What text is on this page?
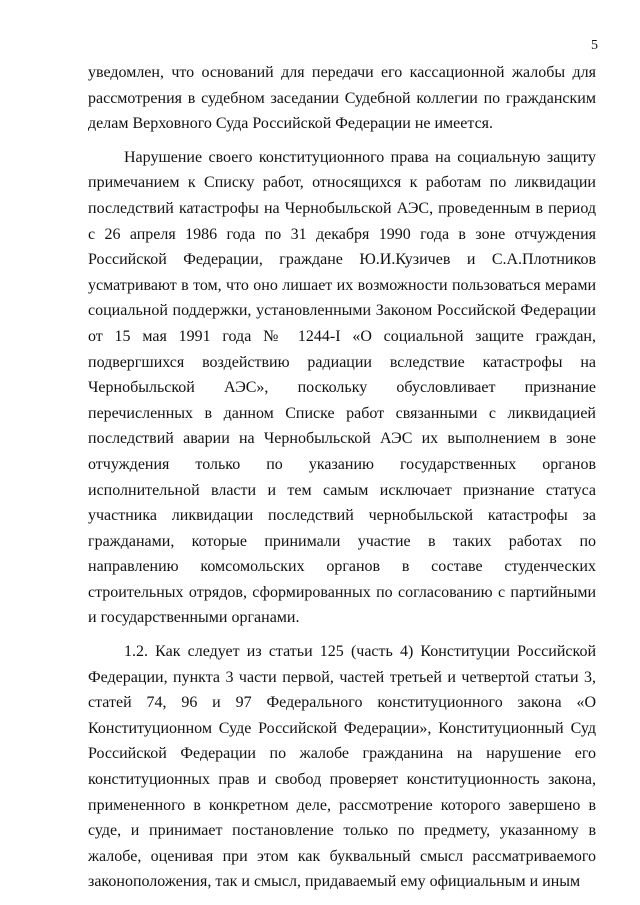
5

уведомлен, что оснований для передачи его кассационной жалобы для рассмотрения в судебном заседании Судебной коллегии по гражданским делам Верховного Суда Российской Федерации не имеется.

Нарушение своего конституционного права на социальную защиту примечанием к Списку работ, относящихся к работам по ликвидации последствий катастрофы на Чернобыльской АЭС, проведенным в период с 26 апреля 1986 года по 31 декабря 1990 года в зоне отчуждения Российской Федерации, граждане Ю.И.Кузичев и С.А.Плотников усматривают в том, что оно лишает их возможности пользоваться мерами социальной поддержки, установленными Законом Российской Федерации от 15 мая 1991 года № 1244-I «О социальной защите граждан, подвергшихся воздействию радиации вследствие катастрофы на Чернобыльской АЭС», поскольку обусловливает признание перечисленных в данном Списке работ связанными с ликвидацией последствий аварии на Чернобыльской АЭС их выполнением в зоне отчуждения только по указанию государственных органов исполнительной власти и тем самым исключает признание статуса участника ликвидации последствий чернобыльской катастрофы за гражданами, которые принимали участие в таких работах по направлению комсомольских органов в составе студенческих строительных отрядов, сформированных по согласованию с партийными и государственными органами.

1.2. Как следует из статьи 125 (часть 4) Конституции Российской Федерации, пункта 3 части первой, частей третьей и четвертой статьи 3, статей 74, 96 и 97 Федерального конституционного закона «О Конституционном Суде Российской Федерации», Конституционный Суд Российской Федерации по жалобе гражданина на нарушение его конституционных прав и свобод проверяет конституционность закона, примененного в конкретном деле, рассмотрение которого завершено в суде, и принимает постановление только по предмету, указанному в жалобе, оценивая при этом как буквальный смысл рассматриваемого законоположения, так и смысл, придаваемый ему официальным и иным
